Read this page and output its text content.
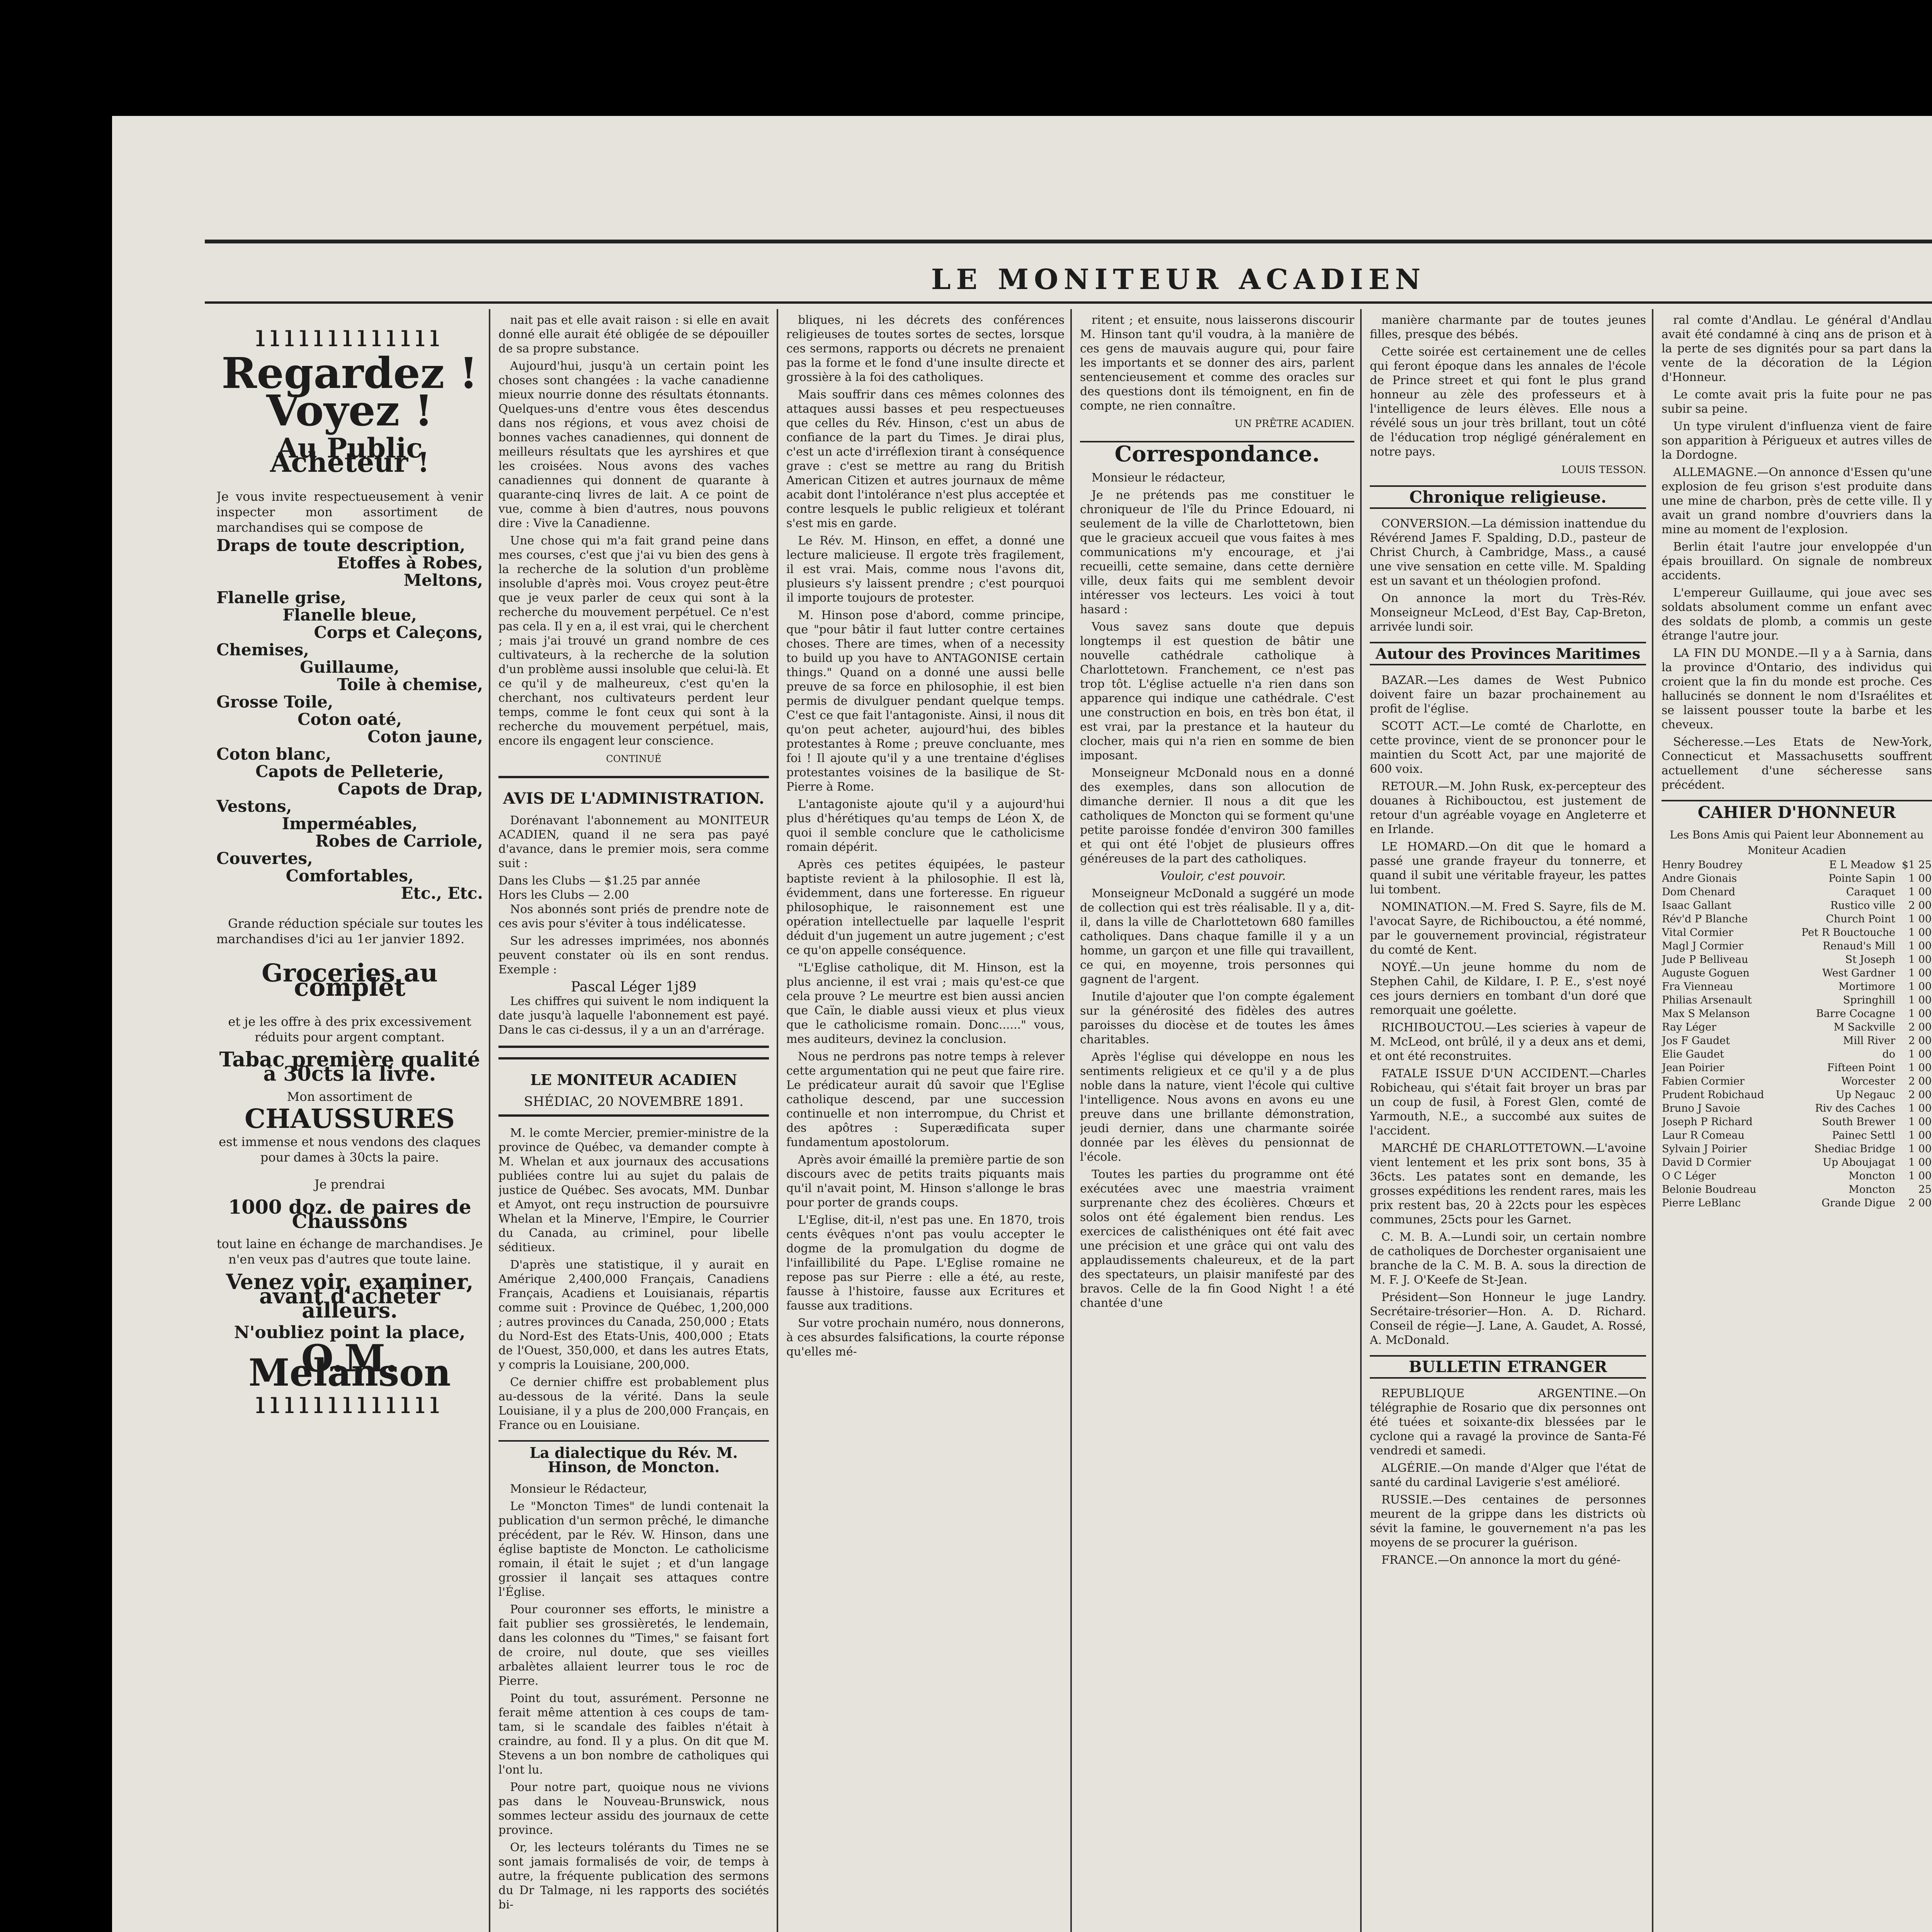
LE MONITEUR ACADIEN
ııııııııııııı
Regardez !
Voyez !
Au Public Acheteur !

Je vous invite respectueusement à venir inspecter mon assortiment de marchandises qui se compose de

Draps de toute description,
Etoffes à Robes,
Meltons,
Flanelle grise,
Flanelle bleue,
Corps et Caleçons,
Chemises,
Guillaume,
Toile à chemise,
Grosse Toile,
Coton oaté,
Coton jaune,
Coton blanc,
Capots de Pelleterie,
Capots de Drap,
Vestons,
Imperméables,
Robes de Carriole,
Couvertes,
Comfortables,
Etc., Etc.

Grande réduction spéciale sur toutes les marchandises d'ici au 1er janvier 1892.

Groceries au complet

et je les offre à des prix excessivement réduits pour argent comptant.

Tabac première qualité à 30cts la livre.
Mon assortiment de
CHAUSSURES

est immense et nous vendons des claques pour dames à 30cts la paire.

Je prendrai
1000 doz. de paires de Chaussons

tout laine en échange de marchandises. Je n'en veux pas d'autres que toute laine.

Venez voir, examiner, avant d'acheter ailleurs.
N'oubliez point la place,
O.M. Melanson
ııııııııııııı

nait pas et elle avait raison : si elle en avait donné elle aurait été obligée de se dépouiller de sa propre substance.

Aujourd'hui, jusqu'à un certain point les choses sont changées : la vache canadienne mieux nourrie donne des résultats étonnants. Quelques-uns d'entre vous êtes descendus dans nos régions, et vous avez choisi de bonnes vaches canadiennes, qui donnent de meilleurs résultats que les ayrshires et que les croisées. Nous avons des vaches canadiennes qui donnent de quarante à quarante-cinq livres de lait. A ce point de vue, comme à bien d'autres, nous pouvons dire : Vive la Canadienne.

Une chose qui m'a fait grand peine dans mes courses, c'est que j'ai vu bien des gens à la recherche de la solution d'un problème insoluble d'après moi. Vous croyez peut-être que je veux parler de ceux qui sont à la recherche du mouvement perpétuel. Ce n'est pas cela. Il y en a, il est vrai, qui le cherchent ; mais j'ai trouvé un grand nombre de ces cultivateurs, à la recherche de la solution d'un problème aussi insoluble que celui-là. Et ce qu'il y de malheureux, c'est qu'en la cherchant, nos cultivateurs perdent leur temps, comme le font ceux qui sont à la recherche du mouvement perpétuel, mais, encore ils engagent leur conscience.

CONTINUÉ
AVIS DE L'ADMINISTRATION.

Dorénavant l'abonnement au MONITEUR ACADIEN, quand il ne sera pas payé d'avance, dans le premier mois, sera comme suit :

Dans les Clubs — $1.25 par année
Hors les Clubs — 2.00

Nos abonnés sont priés de prendre note de ces avis pour s'éviter à tous indélicatesse.

Sur les adresses imprimées, nos abonnés peuvent constater où ils en sont rendus. Exemple :

Pascal Léger 1j89

Les chiffres qui suivent le nom indiquent la date jusqu'à laquelle l'abonnement est payé. Dans le cas ci-dessus, il y a un an d'arrérage.

LE MONITEUR ACADIEN
SHÉDIAC, 20 NOVEMBRE 1891.

M. le comte Mercier, premier-ministre de la province de Québec, va demander compte à M. Whelan et aux journaux des accusations publiées contre lui au sujet du palais de justice de Québec. Ses avocats, MM. Dunbar et Amyot, ont reçu instruction de poursuivre Whelan et la Minerve, l'Empire, le Courrier du Canada, au criminel, pour libelle séditieux.

D'après une statistique, il y aurait en Amérique 2,400,000 Français, Canadiens Français, Acadiens et Louisianais, répartis comme suit : Province de Québec, 1,200,000 ; autres provinces du Canada, 250,000 ; Etats du Nord-Est des Etats-Unis, 400,000 ; Etats de l'Ouest, 350,000, et dans les autres Etats, y compris la Louisiane, 200,000.

Ce dernier chiffre est probablement plus au-dessous de la vérité. Dans la seule Louisiane, il y a plus de 200,000 Français, en France ou en Louisiane.

La dialectique du Rév. M. Hinson, de Moncton.

Monsieur le Rédacteur,

Le "Moncton Times" de lundi contenait la publication d'un sermon prêché, le dimanche précédent, par le Rév. W. Hinson, dans une église baptiste de Moncton. Le catholicisme romain, il était le sujet ; et d'un langage grossier il lançait ses attaques contre l'Église.

Pour couronner ses efforts, le ministre a fait publier ses grossièretés, le lendemain, dans les colonnes du "Times," se faisant fort de croire, nul doute, que ses vieilles arbalètes allaient leurrer tous le roc de Pierre.

Point du tout, assurément. Personne ne ferait même attention à ces coups de tam-tam, si le scandale des faibles n'était à craindre, au fond. Il y a plus. On dit que M. Stevens a un bon nombre de catholiques qui l'ont lu.

Pour notre part, quoique nous ne vivions pas dans le Nouveau-Brunswick, nous sommes lecteur assidu des journaux de cette province.

Or, les lecteurs tolérants du Times ne se sont jamais formalisés de voir, de temps à autre, la fréquente publication des sermons du Dr Talmage, ni les rapports des sociétés bi-

bliques, ni les décrets des conférences religieuses de toutes sortes de sectes, lorsque ces sermons, rapports ou décrets ne prenaient pas la forme et le fond d'une insulte directe et grossière à la foi des catholiques.

Mais souffrir dans ces mêmes colonnes des attaques aussi basses et peu respectueuses que celles du Rév. Hinson, c'est un abus de confiance de la part du Times. Je dirai plus, c'est un acte d'irréflexion tirant à conséquence grave : c'est se mettre au rang du British American Citizen et autres journaux de même acabit dont l'intolérance n'est plus acceptée et contre lesquels le public religieux et tolérant s'est mis en garde.

Le Rév. M. Hinson, en effet, a donné une lecture malicieuse. Il ergote très fragilement, il est vrai. Mais, comme nous l'avons dit, plusieurs s'y laissent prendre ; c'est pourquoi il importe toujours de protester.

M. Hinson pose d'abord, comme principe, que "pour bâtir il faut lutter contre certaines choses. There are times, when of a necessity to build up you have to ANTAGONISE certain things." Quand on a donné une aussi belle preuve de sa force en philosophie, il est bien permis de divulguer pendant quelque temps. C'est ce que fait l'antagoniste. Ainsi, il nous dit qu'on peut acheter, aujourd'hui, des bibles protestantes à Rome ; preuve concluante, mes foi ! Il ajoute qu'il y a une trentaine d'églises protestantes voisines de la basilique de St-Pierre à Rome.

L'antagoniste ajoute qu'il y a aujourd'hui plus d'hérétiques qu'au temps de Léon X, de quoi il semble conclure que le catholicisme romain dépérit.

Après ces petites équipées, le pasteur baptiste revient à la philosophie. Il est là, évidemment, dans une forteresse. En rigueur philosophique, le raisonnement est une opération intellectuelle par laquelle l'esprit déduit d'un jugement un autre jugement ; c'est ce qu'on appelle conséquence.

"L'Eglise catholique, dit M. Hinson, est la plus ancienne, il est vrai ; mais qu'est-ce que cela prouve ? Le meurtre est bien aussi ancien que Caïn, le diable aussi vieux et plus vieux que le catholicisme romain. Donc......" vous, mes auditeurs, devinez la conclusion.

Nous ne perdrons pas notre temps à relever cette argumentation qui ne peut que faire rire. Le prédicateur aurait dû savoir que l'Eglise catholique descend, par une succession continuelle et non interrompue, du Christ et des apôtres : Superædificata super fundamentum apostolorum.

Après avoir émaillé la première partie de son discours avec de petits traits piquants mais qu'il n'avait point, M. Hinson s'allonge le bras pour porter de grands coups.

L'Eglise, dit-il, n'est pas une. En 1870, trois cents évêques n'ont pas voulu accepter le dogme de la promulgation du dogme de l'infaillibilité du Pape. L'Eglise romaine ne repose pas sur Pierre : elle a été, au reste, fausse à l'histoire, fausse aux Ecritures et fausse aux traditions.

Sur votre prochain numéro, nous donnerons, à ces absurdes falsifications, la courte réponse qu'elles mé-

ritent ; et ensuite, nous laisserons discourir M. Hinson tant qu'il voudra, à la manière de ces gens de mauvais augure qui, pour faire les importants et se donner des airs, parlent sentencieusement et comme des oracles sur des questions dont ils témoignent, en fin de compte, ne rien connaître.

UN PRÊTRE ACADIEN.
Correspondance.

Monsieur le rédacteur,

Je ne prétends pas me constituer le chroniqueur de l'île du Prince Edouard, ni seulement de la ville de Charlottetown, bien que le gracieux accueil que vous faites à mes communications m'y encourage, et j'ai recueilli, cette semaine, dans cette dernière ville, deux faits qui me semblent devoir intéresser vos lecteurs. Les voici à tout hasard :

Vous savez sans doute que depuis longtemps il est question de bâtir une nouvelle cathédrale catholique à Charlottetown. Franchement, ce n'est pas trop tôt. L'église actuelle n'a rien dans son apparence qui indique une cathédrale. C'est une construction en bois, en très bon état, il est vrai, par la prestance et la hauteur du clocher, mais qui n'a rien en somme de bien imposant.

Monseigneur McDonald nous en a donné des exemples, dans son allocution de dimanche dernier. Il nous a dit que les catholiques de Moncton qui se forment qu'une petite paroisse fondée d'environ 300 familles et qui ont été l'objet de plusieurs offres généreuses de la part des catholiques.

Vouloir, c'est pouvoir.

Monseigneur McDonald a suggéré un mode de collection qui est très réalisable. Il y a, dit-il, dans la ville de Charlottetown 680 familles catholiques. Dans chaque famille il y a un homme, un garçon et une fille qui travaillent, ce qui, en moyenne, trois personnes qui gagnent de l'argent.

Inutile d'ajouter que l'on compte également sur la générosité des fidèles des autres paroisses du diocèse et de toutes les âmes charitables.

Après l'église qui développe en nous les sentiments religieux et ce qu'il y a de plus noble dans la nature, vient l'école qui cultive l'intelligence. Nous avons en avons eu une preuve dans une brillante démonstration, jeudi dernier, dans une charmante soirée donnée par les élèves du pensionnat de l'école.

Toutes les parties du programme ont été exécutées avec une maestria vraiment surprenante chez des écolières. Chœurs et solos ont été également bien rendus. Les exercices de calisthéniques ont été fait avec une précision et une grâce qui ont valu des applaudissements chaleureux, et de la part des spectateurs, un plaisir manifesté par des bravos. Celle de la fin Good Night ! a été chantée d'une

manière charmante par de toutes jeunes filles, presque des bébés.

Cette soirée est certainement une de celles qui feront époque dans les annales de l'école de Prince street et qui font le plus grand honneur au zèle des professeurs et à l'intelligence de leurs élèves. Elle nous a révélé sous un jour très brillant, tout un côté de l'éducation trop négligé généralement en notre pays.

LOUIS TESSON.
Chronique religieuse.

CONVERSION.—La démission inattendue du Révérend James F. Spalding, D.D., pasteur de Christ Church, à Cambridge, Mass., a causé une vive sensation en cette ville. M. Spalding est un savant et un théologien profond.

On annonce la mort du Très-Rév. Monseigneur McLeod, d'Est Bay, Cap-Breton, arrivée lundi soir.

Autour des Provinces Maritimes

BAZAR.—Les dames de West Pubnico doivent faire un bazar prochainement au profit de l'église.

SCOTT ACT.—Le comté de Charlotte, en cette province, vient de se prononcer pour le maintien du Scott Act, par une majorité de 600 voix.

RETOUR.—M. John Rusk, ex-percepteur des douanes à Richibouctou, est justement de retour d'un agréable voyage en Angleterre et en Irlande.

LE HOMARD.—On dit que le homard a passé une grande frayeur du tonnerre, et quand il subit une véritable frayeur, les pattes lui tombent.

NOMINATION.—M. Fred S. Sayre, fils de M. l'avocat Sayre, de Richibouctou, a été nommé, par le gouvernement provincial, régistrateur du comté de Kent.

NOYÉ.—Un jeune homme du nom de Stephen Cahil, de Kildare, I. P. E., s'est noyé ces jours derniers en tombant d'un doré que remorquait une goélette.

RICHIBOUCTOU.—Les scieries à vapeur de M. McLeod, ont brûlé, il y a deux ans et demi, et ont été reconstruites.

FATALE ISSUE D'UN ACCIDENT.—Charles Robicheau, qui s'était fait broyer un bras par un coup de fusil, à Forest Glen, comté de Yarmouth, N.E., a succombé aux suites de l'accident.

MARCHÉ DE CHARLOTTETOWN.—L'avoine vient lentement et les prix sont bons, 35 à 36cts. Les patates sont en demande, les grosses expéditions les rendent rares, mais les prix restent bas, 20 à 22cts pour les espèces communes, 25cts pour les Garnet.

C. M. B. A.—Lundi soir, un certain nombre de catholiques de Dorchester organisaient une branche de la C. M. B. A. sous la direction de M. F. J. O'Keefe de St-Jean.

Président—Son Honneur le juge Landry. Secrétaire-trésorier—Hon. A. D. Richard. Conseil de régie—J. Lane, A. Gaudet, A. Rossé, A. McDonald.

BULLETIN ETRANGER

REPUBLIQUE ARGENTINE.—On télégraphie de Rosario que dix personnes ont été tuées et soixante-dix blessées par le cyclone qui a ravagé la province de Santa-Fé vendredi et samedi.

ALGÉRIE.—On mande d'Alger que l'état de santé du cardinal Lavigerie s'est amélioré.

RUSSIE.—Des centaines de personnes meurent de la grippe dans les districts où sévit la famine, le gouvernement n'a pas les moyens de se procurer la guérison.

FRANCE.—On annonce la mort du géné-

ral comte d'Andlau. Le général d'Andlau avait été condamné à cinq ans de prison et à la perte de ses dignités pour sa part dans la vente de la décoration de la Légion d'Honneur.

Le comte avait pris la fuite pour ne pas subir sa peine.

Un type virulent d'influenza vient de faire son apparition à Périgueux et autres villes de la Dordogne.

ALLEMAGNE.—On annonce d'Essen qu'une explosion de feu grison s'est produite dans une mine de charbon, près de cette ville. Il y avait un grand nombre d'ouvriers dans la mine au moment de l'explosion.

Berlin était l'autre jour enveloppée d'un épais brouillard. On signale de nombreux accidents.

L'empereur Guillaume, qui joue avec ses soldats absolument comme un enfant avec des soldats de plomb, a commis un geste étrange l'autre jour.

LA FIN DU MONDE.—Il y a à Sarnia, dans la province d'Ontario, des individus qui croient que la fin du monde est proche. Ces hallucinés se donnent le nom d'Israélites et se laissent pousser toute la barbe et les cheveux.

Sécheresse.—Les Etats de New-York, Connecticut et Massachusetts souffrent actuellement d'une sécheresse sans précédent.

CAHIER D'HONNEUR
Les Bons Amis qui Paient leur Abonnement au Moniteur Acadien
Henry Boudrey	E L Meadow	$1 25
Andre Gionais	Pointe Sapin	1 00
Dom Chenard	Caraquet	1 00
Isaac Gallant	Rustico ville	2 00
Rév'd P Blanche	Church Point	1 00
Vital Cormier	Pet R Bouctouche	1 00
Magl J Cormier	Renaud's Mill	1 00
Jude P Belliveau	St Joseph	1 00
Auguste Goguen	West Gardner	1 00
Fra Vienneau	Mortimore	1 00
Philias Arsenault	Springhill	1 00
Max S Melanson	Barre Cocagne	1 00
Ray Léger	M Sackville	2 00
Jos F Gaudet	Mill River	2 00
Elie Gaudet	do	1 00
Jean Poirier	Fifteen Point	1 00
Fabien Cormier	Worcester	2 00
Prudent Robichaud	Up Negauc	2 00
Bruno J Savoie	Riv des Caches	1 00
Joseph P Richard	South Brewer	1 00
Laur R Comeau	Painec Settl	1 00
Sylvain J Poirier	Shediac Bridge	1 00
David D Cormier	Up Aboujagat	1 00
O C Léger	Moncton	1 00
Belonie Boudreau	Moncton	25
Pierre LeBlanc	Grande Digue	2 00
